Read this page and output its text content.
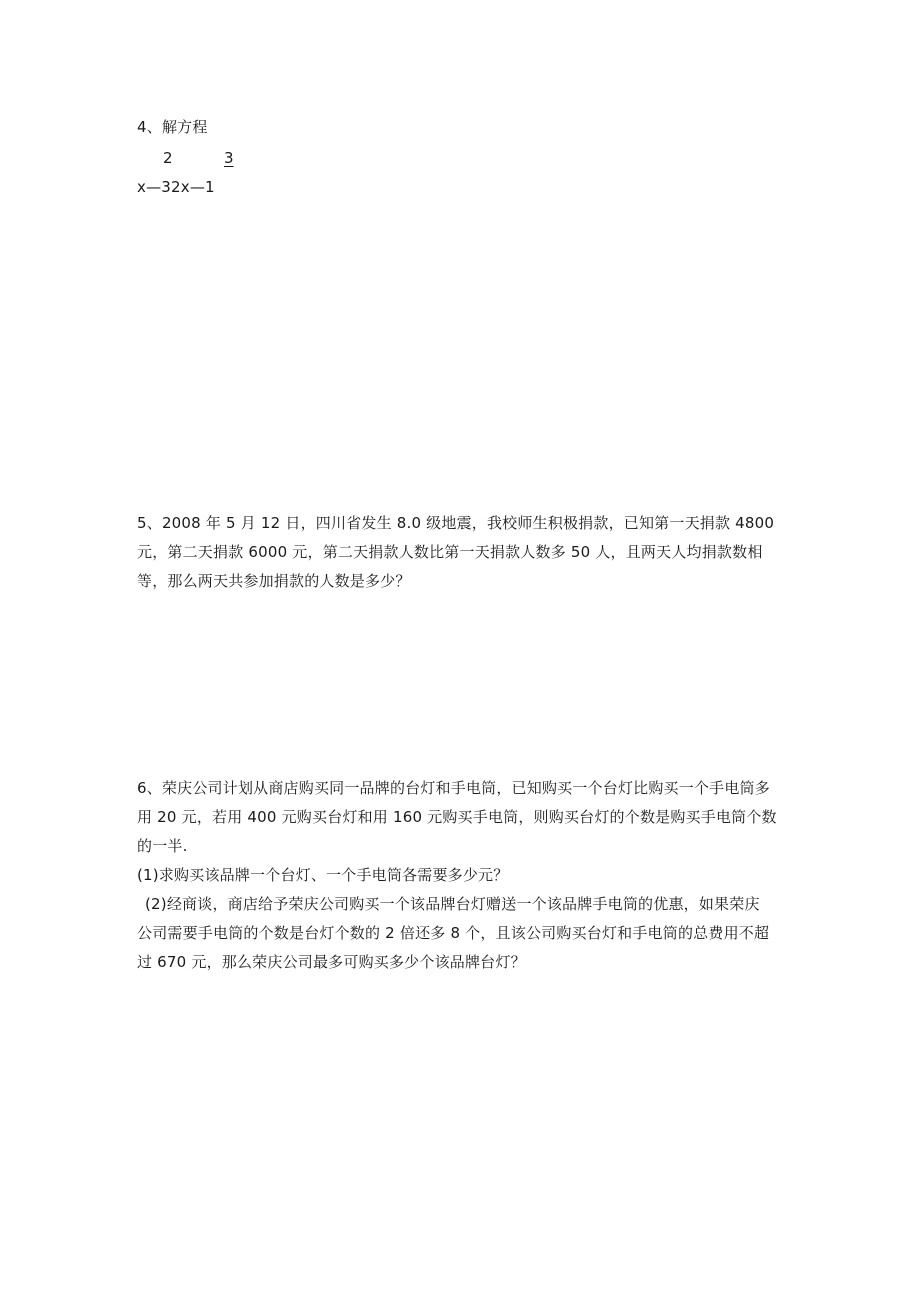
4、解方程
2	3
x—32x—1
5、2008 年 5 月 12 日，四川省发生 8.0 级地震，我校师生积极捐款，已知第一天捐款 4800
元，第二天捐款 6000 元，第二天捐款人数比第一天捐款人数多 50 人，且两天人均捐款数相
等，那么两天共参加捐款的人数是多少？
6、荣庆公司计划从商店购买同一品牌的台灯和手电筒，已知购买一个台灯比购买一个手电筒多
用 20 元，若用 400 元购买台灯和用 160 元购买手电筒，则购买台灯的个数是购买手电筒个数
的一半.
(1)求购买该品牌一个台灯、一个手电筒各需要多少元？
(2)经商谈，商店给予荣庆公司购买一个该品牌台灯赠送一个该品牌手电筒的优惠，如果荣庆
公司需要手电筒的个数是台灯个数的 2 倍还多 8 个，且该公司购买台灯和手电筒的总费用不超
过 670 元，那么荣庆公司最多可购买多少个该品牌台灯？
